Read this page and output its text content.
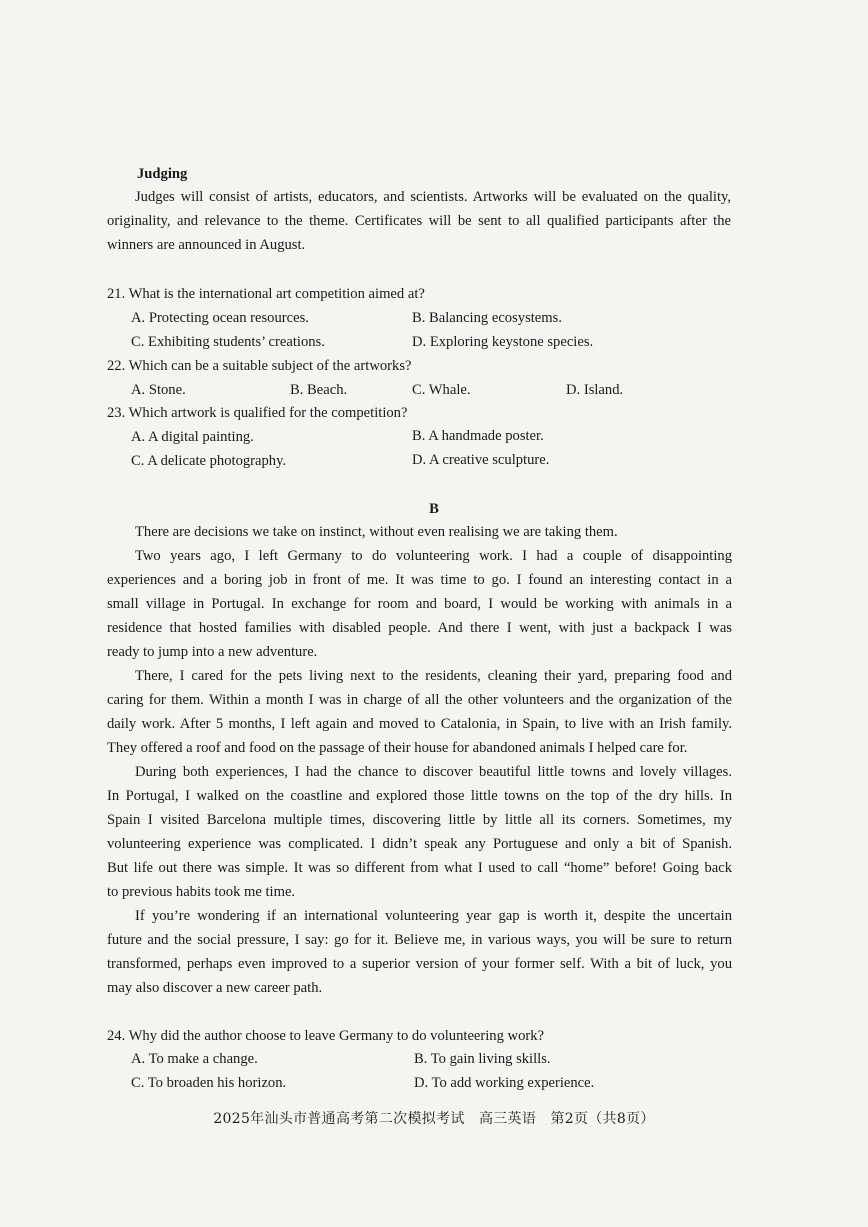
Judging
Judges will consist of artists, educators, and scientists. Artworks will be evaluated on the quality,
originality, and relevance to the theme. Certificates will be sent to all qualified participants after the
winners are announced in August.
21. What is the international art competition aimed at?
A. Protecting ocean resources.	B. Balancing ecosystems.
C. Exhibiting students’ creations.	D. Exploring keystone species.
22. Which can be a suitable subject of the artworks?
A. Stone.	B. Beach.	C. Whale.	D. Island.
23. Which artwork is qualified for the competition?
A. A digital painting.	B. A handmade poster.
C. A delicate photography.	D. A creative sculpture.
B
There are decisions we take on instinct, without even realising we are taking them.
Two years ago, I left Germany to do volunteering work. I had a couple of disappointing
experiences and a boring job in front of me. It was time to go. I found an interesting contact in a
small village in Portugal. In exchange for room and board, I would be working with animals in a
residence that hosted families with disabled people. And there I went, with just a backpack I was
ready to jump into a new adventure.
There, I cared for the pets living next to the residents, cleaning their yard, preparing food and
caring for them. Within a month I was in charge of all the other volunteers and the organization of the
daily work. After 5 months, I left again and moved to Catalonia, in Spain, to live with an Irish family.
They offered a roof and food on the passage of their house for abandoned animals I helped care for.
During both experiences, I had the chance to discover beautiful little towns and lovely villages.
In Portugal, I walked on the coastline and explored those little towns on the top of the dry hills. In
Spain I visited Barcelona multiple times, discovering little by little all its corners. Sometimes, my
volunteering experience was complicated. I didn’t speak any Portuguese and only a bit of Spanish.
But life out there was simple. It was so different from what I used to call “home” before! Going back
to previous habits took me time.
If you’re wondering if an international volunteering year gap is worth it, despite the uncertain
future and the social pressure, I say: go for it. Believe me, in various ways, you will be sure to return
transformed, perhaps even improved to a superior version of your former self. With a bit of luck, you
may also discover a new career path.
24. Why did the author choose to leave Germany to do volunteering work?
A. To make a change.	B. To gain living skills.
C. To broaden his horizon.	D. To add working experience.
2025年汕头市普通高考第二次模拟考试　高三英语　第2页（共8页）
